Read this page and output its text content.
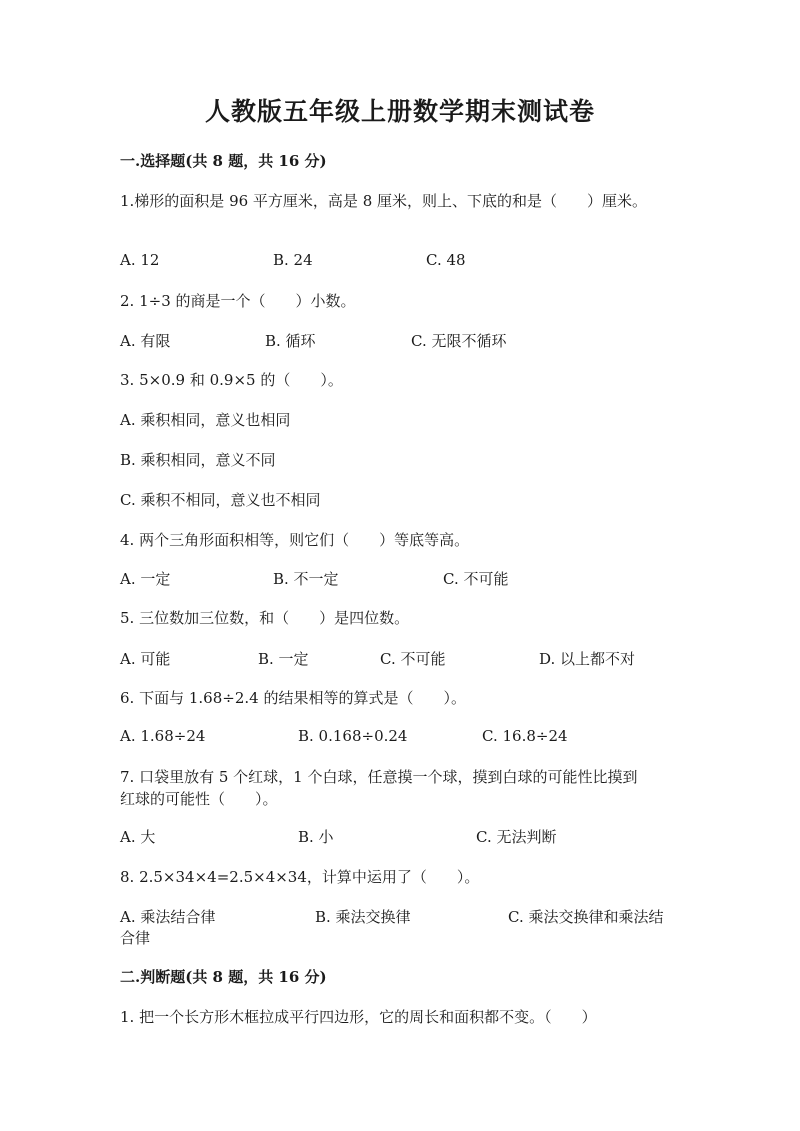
人教版五年级上册数学期末测试卷
一.选择题(共 8 题，共 16 分)
1.梯形的面积是 96 平方厘米，高是 8 厘米，则上、下底的和是（　　）厘米。
A. 12	B. 24	C. 48
2. 1÷3 的商是一个（　　）小数。
A. 有限	B. 循环	C. 无限不循环
3. 5×0.9 和 0.9×5 的（　　）。
A. 乘积相同，意义也相同
B. 乘积相同，意义不同
C. 乘积不相同，意义也不相同
4. 两个三角形面积相等，则它们（　　）等底等高。
A. 一定	B. 不一定	C. 不可能
5. 三位数加三位数，和（　　）是四位数。
A. 可能	B. 一定	C. 不可能	D. 以上都不对
6. 下面与 1.68÷2.4 的结果相等的算式是（　　）。
A. 1.68÷24	B. 0.168÷0.24	C. 16.8÷24
7. 口袋里放有 5 个红球，1 个白球，任意摸一个球，摸到白球的可能性比摸到
红球的可能性（　　）。
A. 大	B. 小	C. 无法判断
8. 2.5×34×4=2.5×4×34，计算中运用了（　　）。
A. 乘法结合律	B. 乘法交换律	C. 乘法交换律和乘法结
合律
二.判断题(共 8 题，共 16 分)
1. 把一个长方形木框拉成平行四边形，它的周长和面积都不变。（　　）
